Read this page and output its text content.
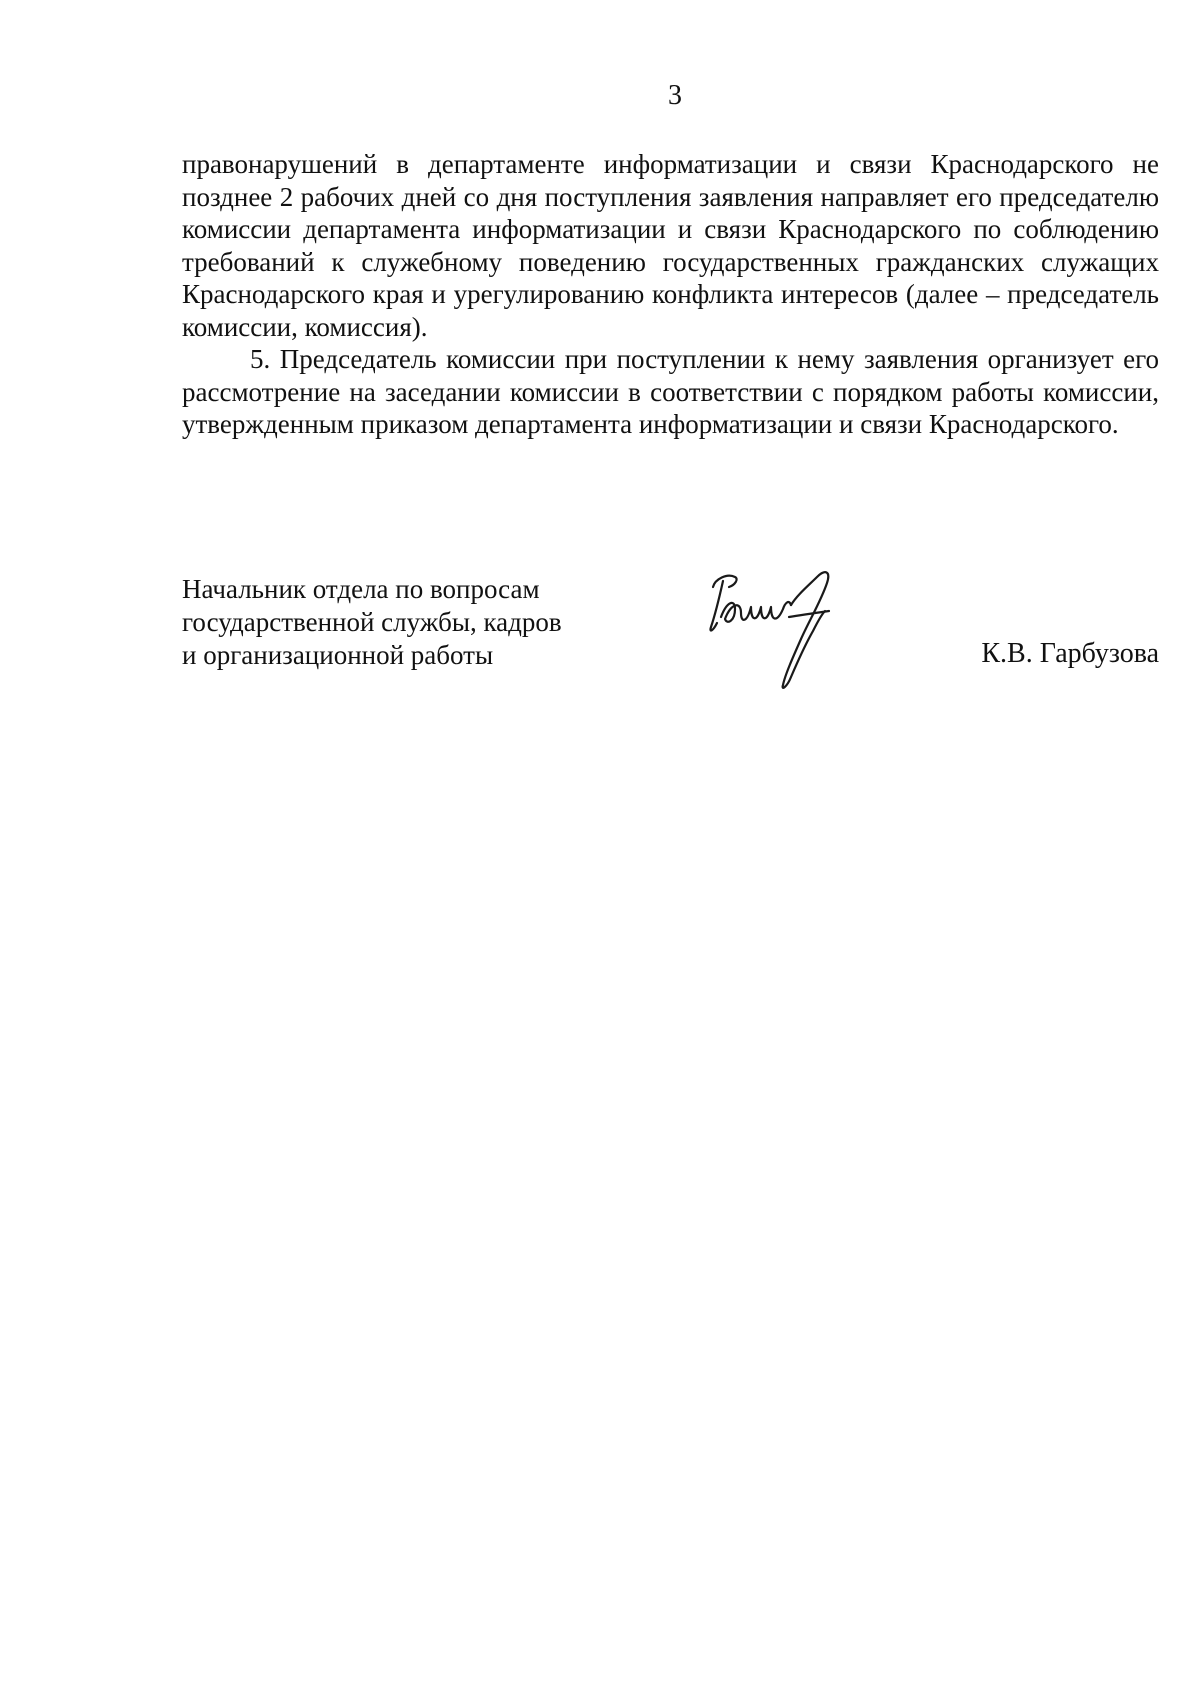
3

правонарушений в департаменте информатизации и связи Краснодарского не позднее 2 рабочих дней со дня поступления заявления направляет его председателю комиссии департамента информатизации и связи Краснодарского по соблюдению требований к служебному поведению государственных гражданских служащих Краснодарского края и урегулированию конфликта интересов (далее – председатель комиссии, комиссия).

5. Председатель комиссии при поступлении к нему заявления организует его рассмотрение на заседании комиссии в соответствии с порядком работы комиссии, утвержденным приказом департамента информатизации и связи Краснодарского.

Начальник отдела по вопросам
государственной службы, кадров
и организационной работы	К.В. Гарбузова
